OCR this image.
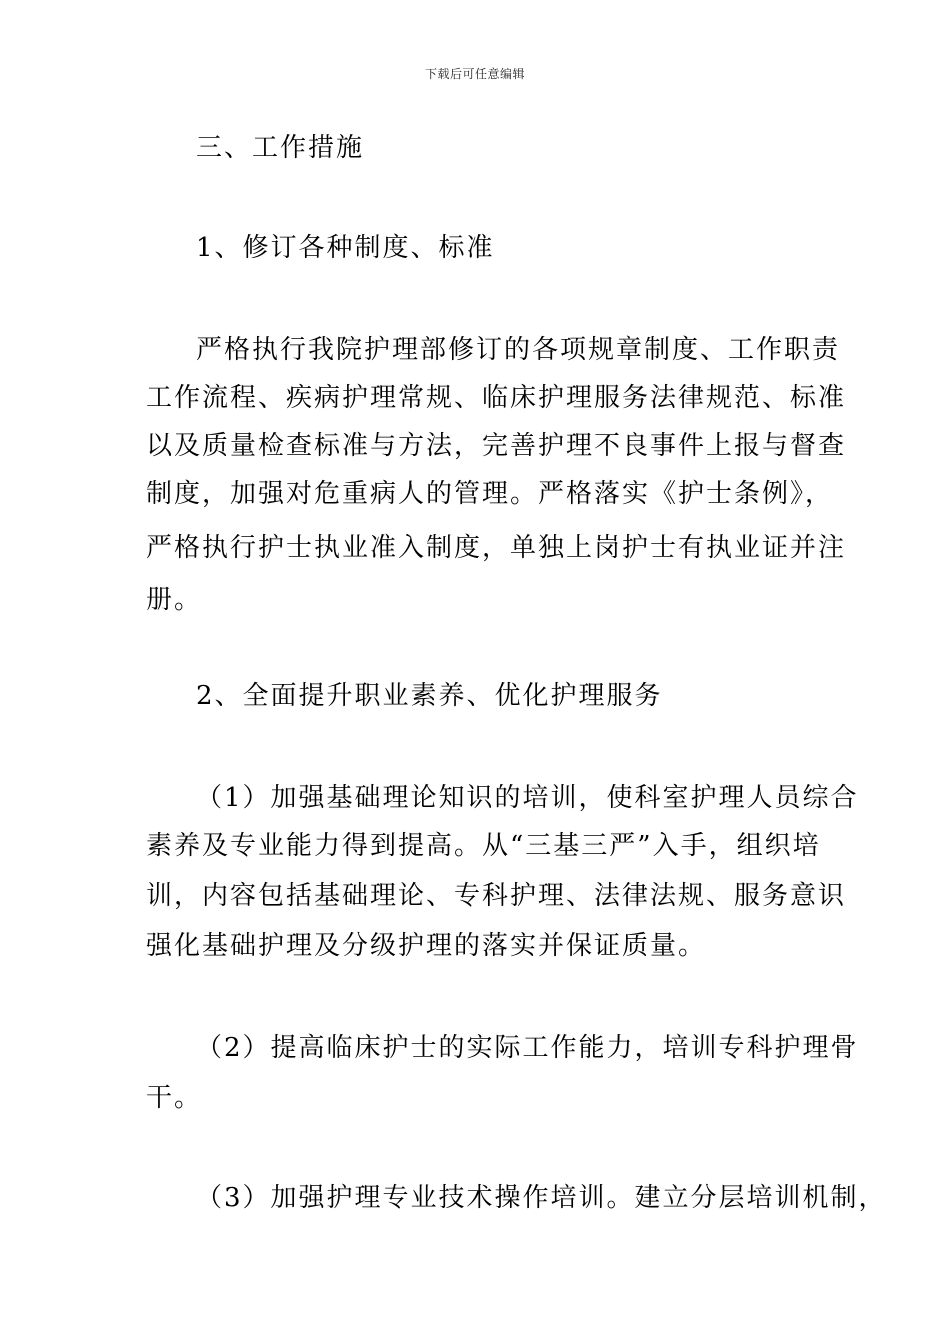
下载后可任意编辑
三、工作措施
1、修订各种制度、标准
严格执行我院护理部修订的各项规章制度、工作职责
工作流程、疾病护理常规、临床护理服务法律规范、标准
以及质量检查标准与方法，完善护理不良事件上报与督查
制度，加强对危重病人的管理。严格落实《护士条例》，
严格执行护士执业准入制度，单独上岗护士有执业证并注
册。
2、全面提升职业素养、优化护理服务
（1）加强基础理论知识的培训，使科室护理人员综合
素养及专业能力得到提高。从“三基三严”入手，组织培
训，内容包括基础理论、专科护理、法律法规、服务意识
强化基础护理及分级护理的落实并保证质量。
（2）提高临床护士的实际工作能力，培训专科护理骨
干。
（3）加强护理专业技术操作培训。建立分层培训机制，
